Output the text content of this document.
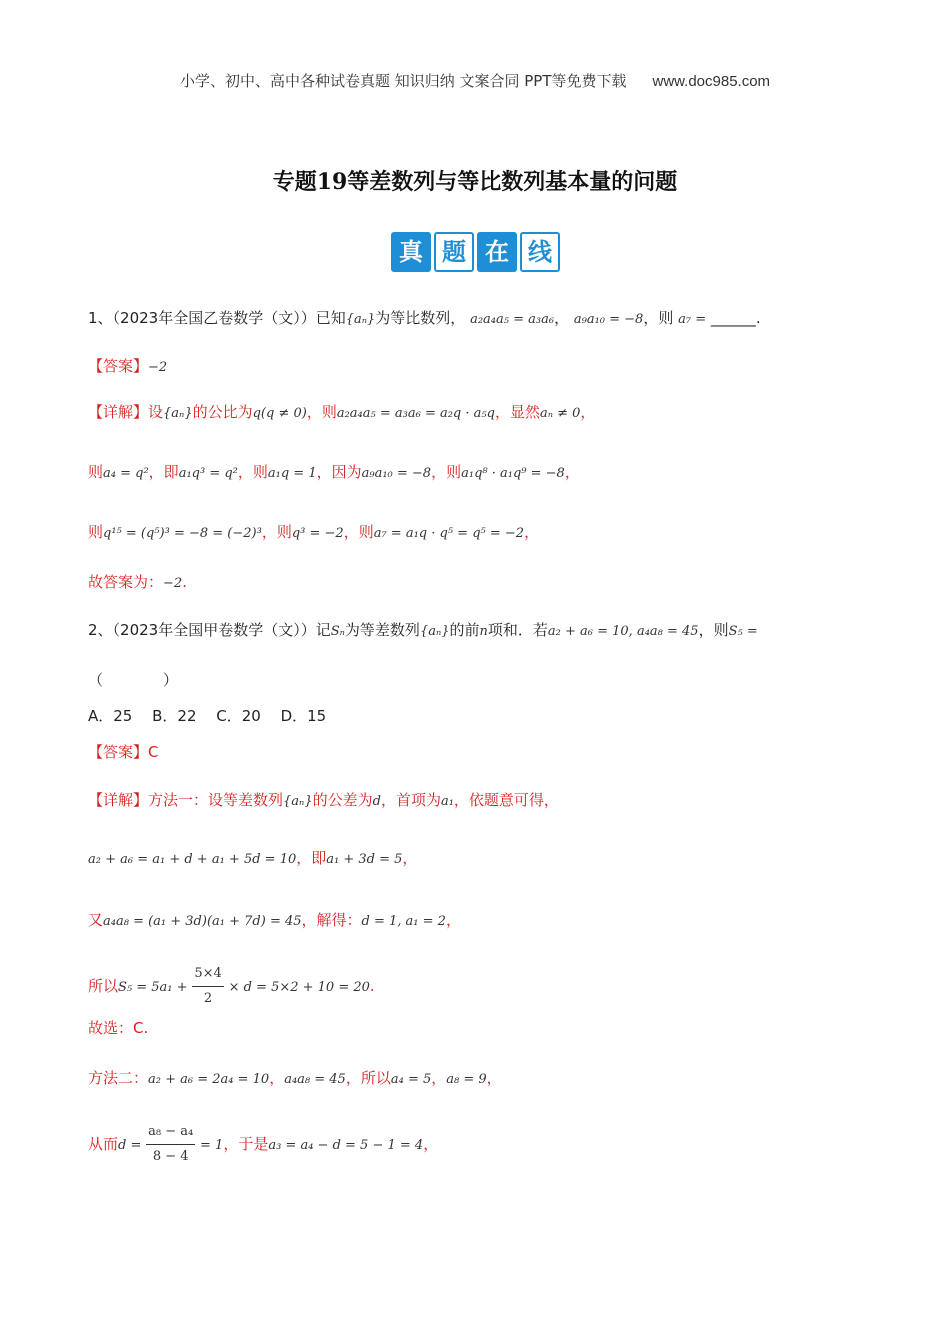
小学、初中、高中各种试卷真题 知识归纳 文案合同 PPT等免费下载 www.doc985.com
专题19等差数列与等比数列基本量的问题
真 题 在 线
1、（2023年全国乙卷数学（文））已知{aₙ}为等比数列， a₂a₄a₅ = a₃a₆， a₉a₁₀ = −8，则 a₇ = ______.
【答案】−2
【详解】设{aₙ}的公比为q(q ≠ 0)，则a₂a₄a₅ = a₃a₆ = a₂q · a₅q，显然aₙ ≠ 0，
则a₄ = q²，即a₁q³ = q²，则a₁q = 1，因为a₉a₁₀ = −8，则a₁q⁸ · a₁q⁹ = −8，
则q¹⁵ = (q⁵)³ = −8 = (−2)³，则q³ = −2，则a₇ = a₁q · q⁵ = q⁵ = −2，
故答案为：−2.
2、（2023年全国甲卷数学（文））记Sₙ为等差数列{aₙ}的前n项和．若a₂ + a₆ = 10, a₄a₈ = 45，则S₅ =
（　　　　）
A．25　 B．22　 C．20　 D．15
【答案】C
【详解】方法一：设等差数列{aₙ}的公差为d，首项为a₁，依题意可得，
a₂ + a₆ = a₁ + d + a₁ + 5d = 10，即a₁ + 3d = 5，
又a₄a₈ = (a₁ + 3d)(a₁ + 7d) = 45，解得：d = 1, a₁ = 2，
所以$S_5 = 5a_1 + \frac{5\times 4}{2} \times d = 5\times 2 + 10 = 20$.
故选：C.
方法二：a₂ + a₆ = 2a₄ = 10，a₄a₈ = 45，所以a₄ = 5，a₈ = 9，
从而$d = \frac{\text{a₈ − a₄}}{8 - 4} = 1$，于是a₃ = a₄ − d = 5 − 1 = 4，
